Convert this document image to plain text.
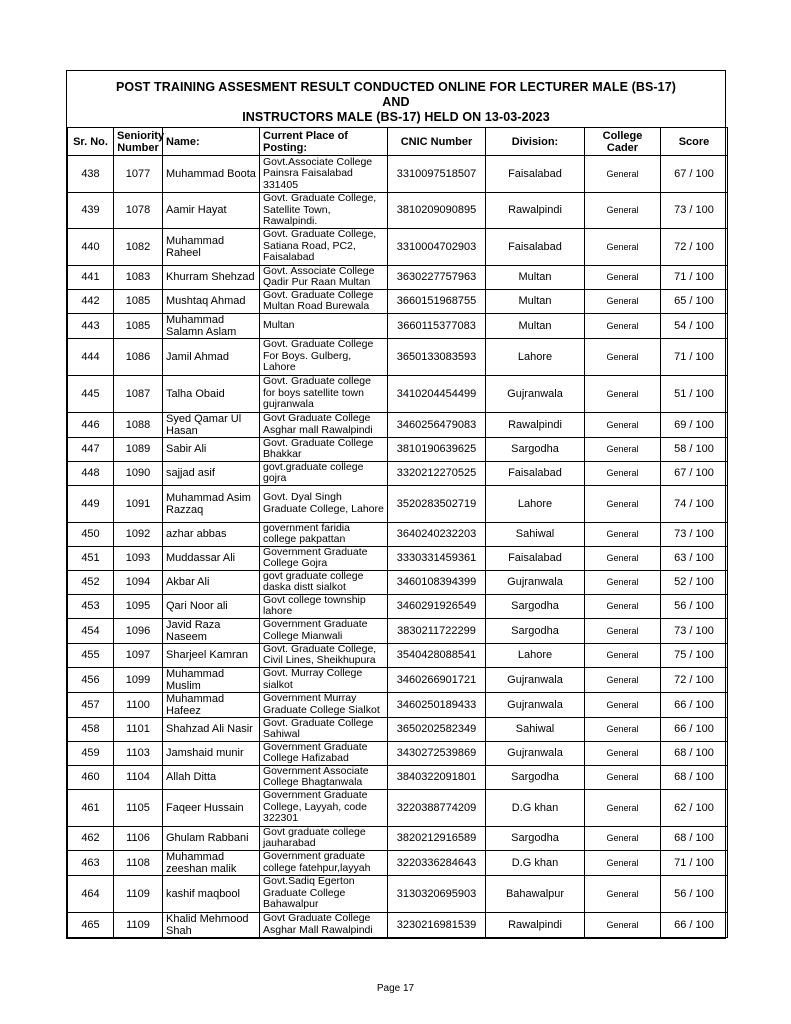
POST TRAINING ASSESMENT RESULT CONDUCTED ONLINE FOR LECTURER MALE (BS-17) AND
INSTRUCTORS MALE (BS-17) HELD ON 13-03-2023
Sr. No.	Seniority Number	Name:	Current Place of Posting:	CNIC Number	Division:	College Cader	Score
438	1077	Muhammad Boota	Govt.Associate College Painsra Faisalabad 331405	3310097518507	Faisalabad	General	67 / 100
439	1078	Aamir Hayat	Govt. Graduate College, Satellite Town, Rawalpindi.	3810209090895	Rawalpindi	General	73 / 100
440	1082	Muhammad Raheel	Govt. Graduate College, Satiana Road, PC2, Faisalabad	3310004702903	Faisalabad	General	72 / 100
441	1083	Khurram Shehzad	Govt. Associate College Qadir Pur Raan Multan	3630227757963	Multan	General	71 / 100
442	1085	Mushtaq Ahmad	Govt. Graduate College Multan Road Burewala	3660151968755	Multan	General	65 / 100
443	1085	Muhammad Salamn Aslam	Multan	3660115377083	Multan	General	54 / 100
444	1086	Jamil Ahmad	Govt. Graduate College For Boys. Gulberg, Lahore	3650133083593	Lahore	General	71 / 100
445	1087	Talha Obaid	Govt. Graduate college for boys satellite town gujranwala	3410204454499	Gujranwala	General	51 / 100
446	1088	Syed Qamar Ul Hasan	Govt Graduate College Asghar mall Rawalpindi	3460256479083	Rawalpindi	General	69 / 100
447	1089	Sabir Ali	Govt. Graduate College Bhakkar	3810190639625	Sargodha	General	58 / 100
448	1090	sajjad asif	govt.graduate college gojra	3320212270525	Faisalabad	General	67 / 100
449	1091	Muhammad Asim Razzaq	Govt. Dyal Singh Graduate College, Lahore	3520283502719	Lahore	General	74 / 100
450	1092	azhar abbas	government faridia college pakpattan	3640240232203	Sahiwal	General	73 / 100
451	1093	Muddassar Ali	Government Graduate College Gojra	3330331459361	Faisalabad	General	63 / 100
452	1094	Akbar Ali	govt graduate college daska distt sialkot	3460108394399	Gujranwala	General	52 / 100
453	1095	Qari Noor ali	Govt college township lahore	3460291926549	Sargodha	General	56 / 100
454	1096	Javid Raza Naseem	Government Graduate College Mianwali	3830211722299	Sargodha	General	73 / 100
455	1097	Sharjeel Kamran	Govt. Graduate College, Civil Lines, Sheikhupura	3540428088541	Lahore	General	75 / 100
456	1099	Muhammad Muslim	Govt. Murray College sialkot	3460266901721	Gujranwala	General	72 / 100
457	1100	Muhammad Hafeez	Government Murray Graduate College Sialkot	3460250189433	Gujranwala	General	66 / 100
458	1101	Shahzad Ali Nasir	Govt. Graduate College Sahiwal	3650202582349	Sahiwal	General	66 / 100
459	1103	Jamshaid munir	Government Graduate College Hafizabad	3430272539869	Gujranwala	General	68 / 100
460	1104	Allah Ditta	Government Associate College Bhagtanwala	3840322091801	Sargodha	General	68 / 100
461	1105	Faqeer Hussain	Government Graduate College, Layyah, code 322301	3220388774209	D.G khan	General	62 / 100
462	1106	Ghulam Rabbani	Govt graduate college jauharabad	3820212916589	Sargodha	General	68 / 100
463	1108	Muhammad zeeshan malik	Government graduate college fatehpur,layyah	3220336284643	D.G khan	General	71 / 100
464	1109	kashif maqbool	Govt.Sadiq Egerton Graduate College Bahawalpur	3130320695903	Bahawalpur	General	56 / 100
465	1109	Khalid Mehmood Shah	Govt Graduate College Asghar Mall Rawalpindi	3230216981539	Rawalpindi	General	66 / 100
Page 17
